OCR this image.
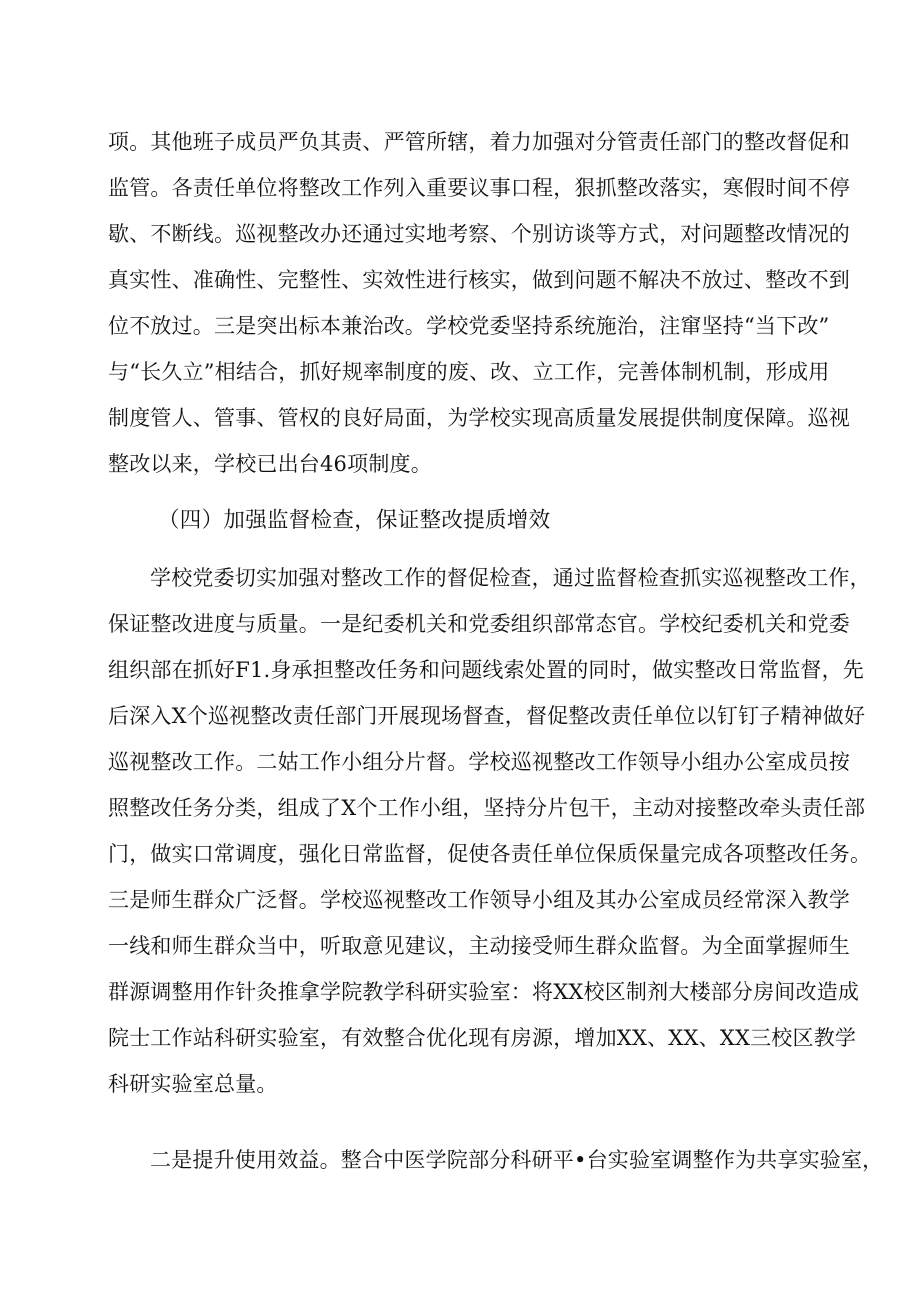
项。其他班子成员严负其责、严管所辖，着力加强对分管责任部门的整改督促和
监管。各责任单位将整改工作列入重要议事口程，狠抓整改落实，寒假时间不停
歇、不断线。巡视整改办还通过实地考察、个别访谈等方式，对问题整改情况的
真实性、准确性、完整性、实效性进行核实，做到问题不解决不放过、整改不到
位不放过。三是突出标本兼治改。学校党委坚持系统施治，注窜坚持“当下改”
与“长久立”相结合，抓好规率制度的废、改、立工作，完善体制机制，形成用
制度管人、管事、管权的良好局面，为学校实现高质量发展提供制度保障。巡视
整改以来，学校已出台46项制度。
（四）加强监督检查，保证整改提质增效
学校党委切实加强对整改工作的督促检查，通过监督检查抓实巡视整改工作，
保证整改进度与质量。一是纪委机关和党委组织部常态官。学校纪委机关和党委
组织部在抓好F1.身承担整改任务和问题线索处置的同时，做实整改日常监督，先
后深入X个巡视整改责任部门开展现场督查，督促整改责任单位以钉钉子精神做好
巡视整改工作。二姑工作小组分片督。学校巡视整改工作领导小组办公室成员按
照整改任务分类，组成了X个工作小组，坚持分片包干，主动对接整改牵头责任部
门，做实口常调度，强化日常监督，促使各责任单位保质保量完成各项整改任务。
三是师生群众广泛督。学校巡视整改工作领导小组及其办公室成员经常深入教学
一线和师生群众当中，听取意见建议，主动接受师生群众监督。为全面掌握师生
群源调整用作针灸推拿学院教学科研实验室：将XX校区制剂大楼部分房间改造成
院士工作站科研实验室，有效整合优化现有房源，增加XX、XX、XX三校区教学
科研实验室总量。
二是提升使用效益。整合中医学院部分科研平•台实验室调整作为共享实验室，
